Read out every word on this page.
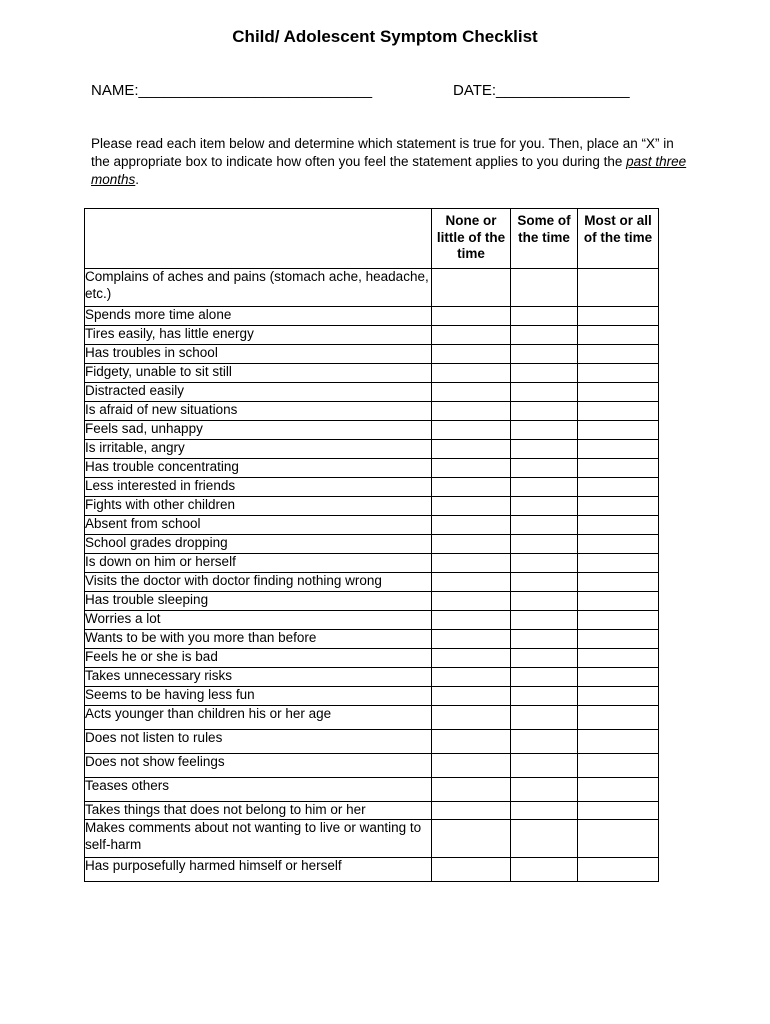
Child/ Adolescent Symptom Checklist
NAME:____________________________	DATE:________________
Please read each item below and determine which statement is true for you. Then, place an “X” in the appropriate box to indicate how often you feel the statement applies to you during the past three months.
	None or little of the time	Some of the time	Most or all of the time
Complains of aches and pains (stomach ache, headache, etc.)			
Spends more time alone			
Tires easily, has little energy			
Has troubles in school			
Fidgety, unable to sit still			
Distracted easily			
Is afraid of new situations			
Feels sad, unhappy			
Is irritable, angry			
Has trouble concentrating			
Less interested in friends			
Fights with other children			
Absent from school			
School grades dropping			
Is down on him or herself			
Visits the doctor with doctor finding nothing wrong			
Has trouble sleeping			
Worries a lot			
Wants to be with you more than before			
Feels he or she is bad			
Takes unnecessary risks			
Seems to be having less fun			
Acts younger than children his or her age			
Does not listen to rules			
Does not show feelings			
Teases others			
Takes things that does not belong to him or her			
Makes comments about not wanting to live or wanting to self-harm			
Has purposefully harmed himself or herself			
